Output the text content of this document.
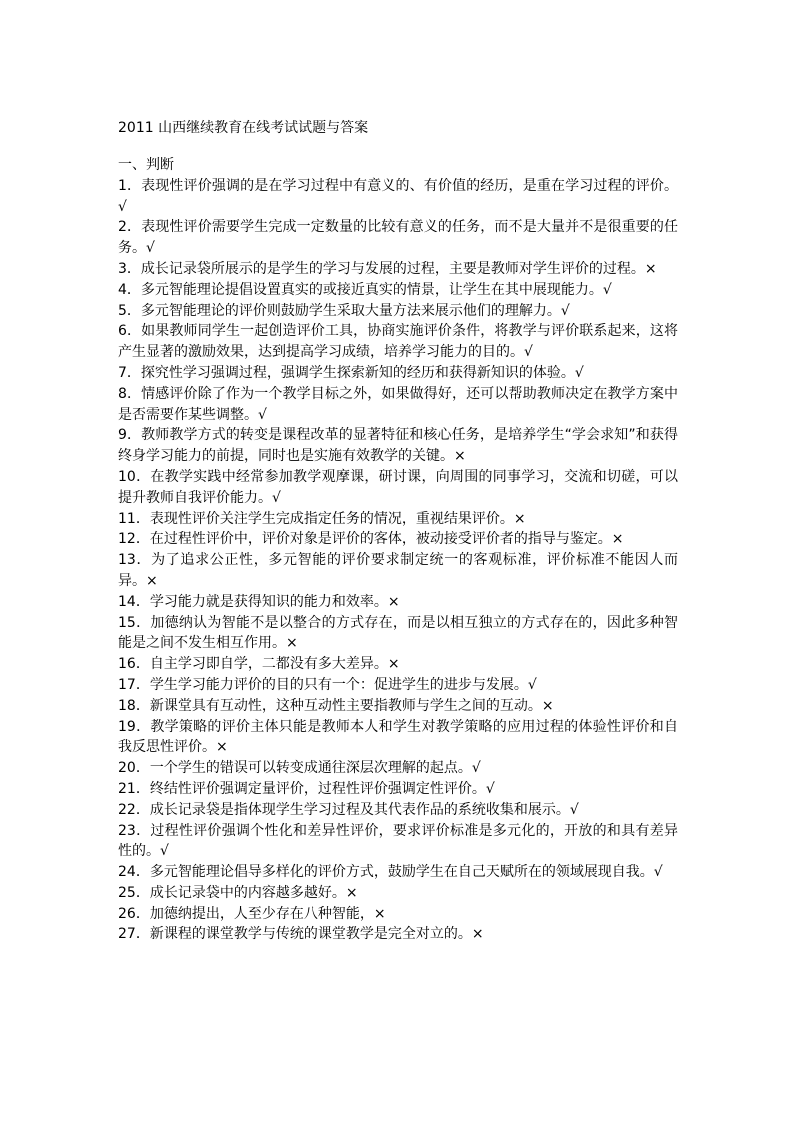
2011 山西继续教育在线考试试题与答案
一、判断
1．表现性评价强调的是在学习过程中有意义的、有价值的经历，是重在学习过程的评价。√
2．表现性评价需要学生完成一定数量的比较有意义的任务，而不是大量并不是很重要的任务。√
3．成长记录袋所展示的是学生的学习与发展的过程，主要是教师对学生评价的过程。×
4．多元智能理论提倡设置真实的或接近真实的情景，让学生在其中展现能力。√
5．多元智能理论的评价则鼓励学生采取大量方法来展示他们的理解力。√
6．如果教师同学生一起创造评价工具，协商实施评价条件，将教学与评价联系起来，这将产生显著的激励效果，达到提高学习成绩，培养学习能力的目的。√
7．探究性学习强调过程，强调学生探索新知的经历和获得新知识的体验。√
8．情感评价除了作为一个教学目标之外，如果做得好，还可以帮助教师决定在教学方案中是否需要作某些调整。√
9．教师教学方式的转变是课程改革的显著特征和核心任务，是培养学生“学会求知”和获得终身学习能力的前提，同时也是实施有效教学的关键。×
10．在教学实践中经常参加教学观摩课，研讨课，向周围的同事学习，交流和切磋，可以提升教师自我评价能力。√
11．表现性评价关注学生完成指定任务的情况，重视结果评价。×
12．在过程性评价中，评价对象是评价的客体，被动接受评价者的指导与鉴定。×
13．为了追求公正性，多元智能的评价要求制定统一的客观标准，评价标准不能因人而异。×
14．学习能力就是获得知识的能力和效率。×
15．加德纳认为智能不是以整合的方式存在，而是以相互独立的方式存在的，因此多种智能是之间不发生相互作用。×
16．自主学习即自学，二都没有多大差异。×
17．学生学习能力评价的目的只有一个：促进学生的进步与发展。√
18．新课堂具有互动性，这种互动性主要指教师与学生之间的互动。×
19．教学策略的评价主体只能是教师本人和学生对教学策略的应用过程的体验性评价和自我反思性评价。×
20．一个学生的错误可以转变成通往深层次理解的起点。√
21．终结性评价强调定量评价，过程性评价强调定性评价。√
22．成长记录袋是指体现学生学习过程及其代表作品的系统收集和展示。√
23．过程性评价强调个性化和差异性评价，要求评价标准是多元化的，开放的和具有差异性的。√
24．多元智能理论倡导多样化的评价方式，鼓励学生在自己天赋所在的领域展现自我。√
25．成长记录袋中的内容越多越好。×
26．加德纳提出，人至少存在八种智能，×
27．新课程的课堂教学与传统的课堂教学是完全对立的。×
